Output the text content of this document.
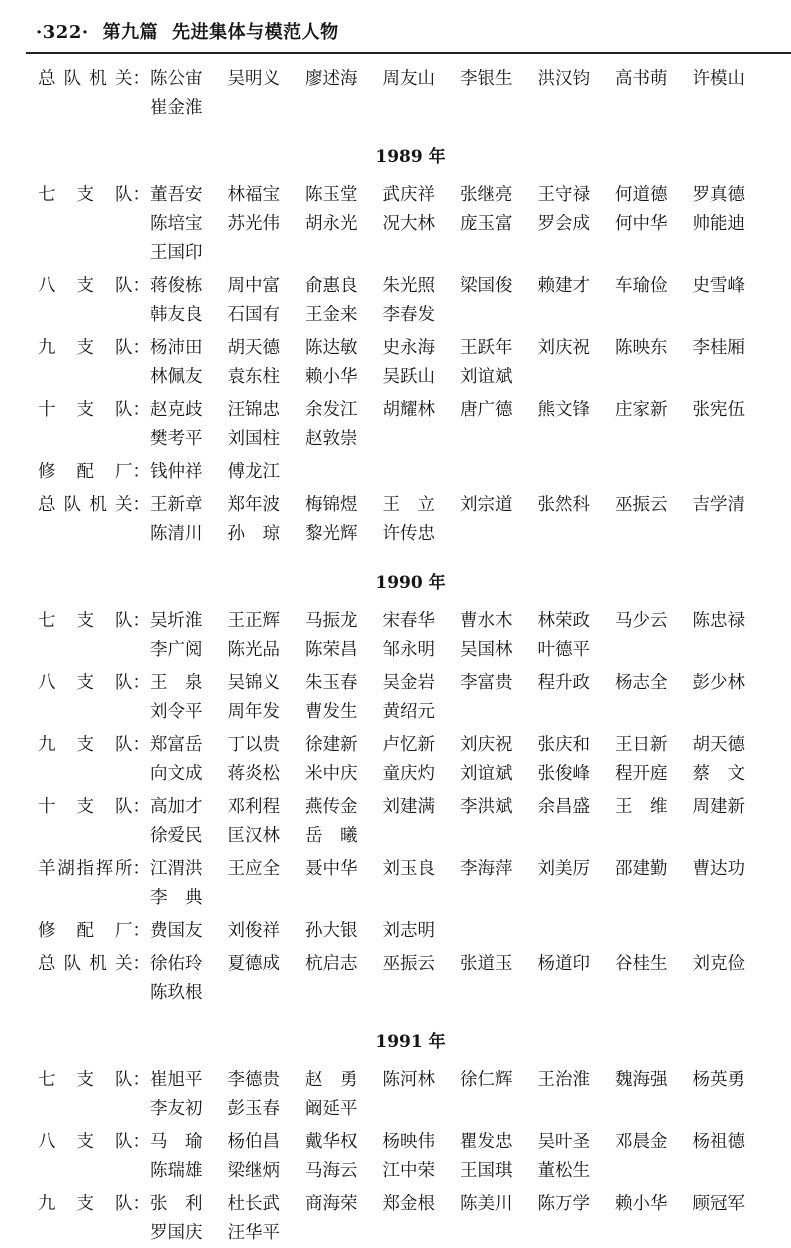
·322· 第九篇 先进集体与模范人物
总 队 机 关 ： 陈公宙	吴明义	廖述海	周友山	李银生	洪汉钧	高书萌	许模山
崔金淮
1989 年
七 支 队 ： 董吾安	林福宝	陈玉堂	武庆祥	张继亮	王守禄	何道德	罗真德
陈培宝	苏光伟	胡永光	况大林	庞玉富	罗会成	何中华	帅能迪
王国印
八 支 队 ： 蒋俊栋	周中富	俞惠良	朱光照	梁国俊	赖建才	车瑜俭	史雪峰
韩友良	石国有	王金来	李春发
九 支 队 ： 杨沛田	胡天德	陈达敏	史永海	王跃年	刘庆祝	陈映东	李桂厢
林佩友	袁东柱	赖小华	吴跃山	刘谊斌
十 支 队 ： 赵克歧	汪锦忠	余发江	胡耀林	唐广德	熊文锋	庄家新	张宪伍
樊考平	刘国柱	赵敦崇
修 配 厂 ： 钱仲祥	傅龙江
总 队 机 关 ： 王新章	郑年波	梅锦煜	王　立	刘宗道	张然科	巫振云	吉学清
陈清川	孙　琼	黎光辉	许传忠
1990 年
七 支 队 ： 吴圻淮	王正辉	马振龙	宋春华	曹水木	林荣政	马少云	陈忠禄
李广阅	陈光品	陈荣昌	邹永明	吴国林	叶德平
八 支 队 ： 王　泉	吴锦义	朱玉春	吴金岩	李富贵	程升政	杨志全	彭少林
刘令平	周年发	曹发生	黄绍元
九 支 队 ： 郑富岳	丁以贵	徐建新	卢忆新	刘庆祝	张庆和	王日新	胡天德
向文成	蒋炎松	米中庆	童庆灼	刘谊斌	张俊峰	程开庭	蔡　文
十 支 队 ： 高加才	邓利程	燕传金	刘建满	李洪斌	余昌盛	王　维	周建新
徐爱民	匡汉林	岳　曦
羊 湖 指 挥 所 ： 江渭洪	王应全	聂中华	刘玉良	李海萍	刘美厉	邵建勤	曹达功
李　典
修 配 厂 ： 费国友	刘俊祥	孙大银	刘志明
总 队 机 关 ： 徐佑玲	夏德成	杭启志	巫振云	张道玉	杨道印	谷桂生	刘克俭
陈玖根
1991 年
七 支 队 ： 崔旭平	李德贵	赵　勇	陈河林	徐仁辉	王治淮	魏海强	杨英勇
李友初	彭玉春	阚延平
八 支 队 ： 马　瑜	杨伯昌	戴华权	杨映伟	瞿发忠	吴叶圣	邓晨金	杨祖德
陈瑞雄	梁继炳	马海云	江中荣	王国琪	董松生
九 支 队 ： 张　利	杜长武	商海荣	郑金根	陈美川	陈万学	赖小华	顾冠军
罗国庆	汪华平
